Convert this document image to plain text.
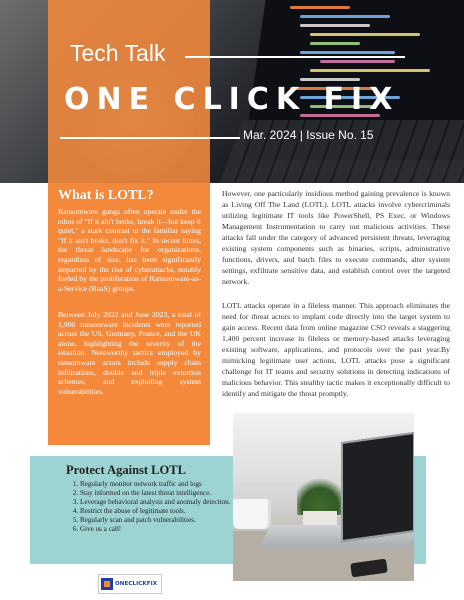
Tech Talk
ONE CLICK FIX
Mar. 2024 | Issue No. 15
What is LOTL?

Ransomware gangs often operate under the ethos of "If it ain't broke, break it—but keep it quiet," a stark contrast to the familiar saying "If it ain't broke, don't fix it." In recent times, the threat landscape for organizations, regardless of size, has been significantly impacted by the rise of cyberattacks, notably fueled by the proliferation of Ransomware-as-a-Service (RaaS) groups.

Between July 2022 and June 2023, a total of 1,900 ransomware incidents were reported across the US, Germany, France, and the UK alone, highlighting the severity of the situation. Noteworthy tactics employed by ransomware actors include supply chain infiltrations, double and triple extortion schemes, and exploiting system vulnerabilities.

However, one particularly insidious method gaining prevalence is known as Living Off The Land (LOTL). LOTL attacks involve cybercriminals utilizing legitimate IT tools like PowerShell, PS Exec, or Windows Management Instrumentation to carry out malicious activities. These attacks fall under the category of advanced persistent threats, leveraging existing system components such as binaries, scripts, administrative functions, drivers, and batch files to execute commands, alter system settings, exfiltrate sensitive data, and establish control over the targeted network.

LOTL attacks operate in a fileless manner. This approach eliminates the need for threat actors to implant code directly into the target system to gain access. Recent data from online magazine CSO reveals a staggering 1,400 percent increase in fileless or memory-based attacks leveraging existing software, applications, and protocols over the past year.By mimicking legitimate user actions, LOTL attacks pose a significant challenge for IT teams and security solutions in detecting indications of malicious behavior. This stealthy tactic makes it exceptionally difficult to identify and mitigate the threat promptly.

Protect Against LOTL
1. Regularly monitor network traffic and logs
2. Stay informed on the latest threat intelligence.
3. Leverage behavioral analysis and anomaly detection.
4. Restrict the abuse of legitimate tools.
5. Regularly scan and patch vulnerabilities.
6. Give us a call!
ONECLICKFIX
